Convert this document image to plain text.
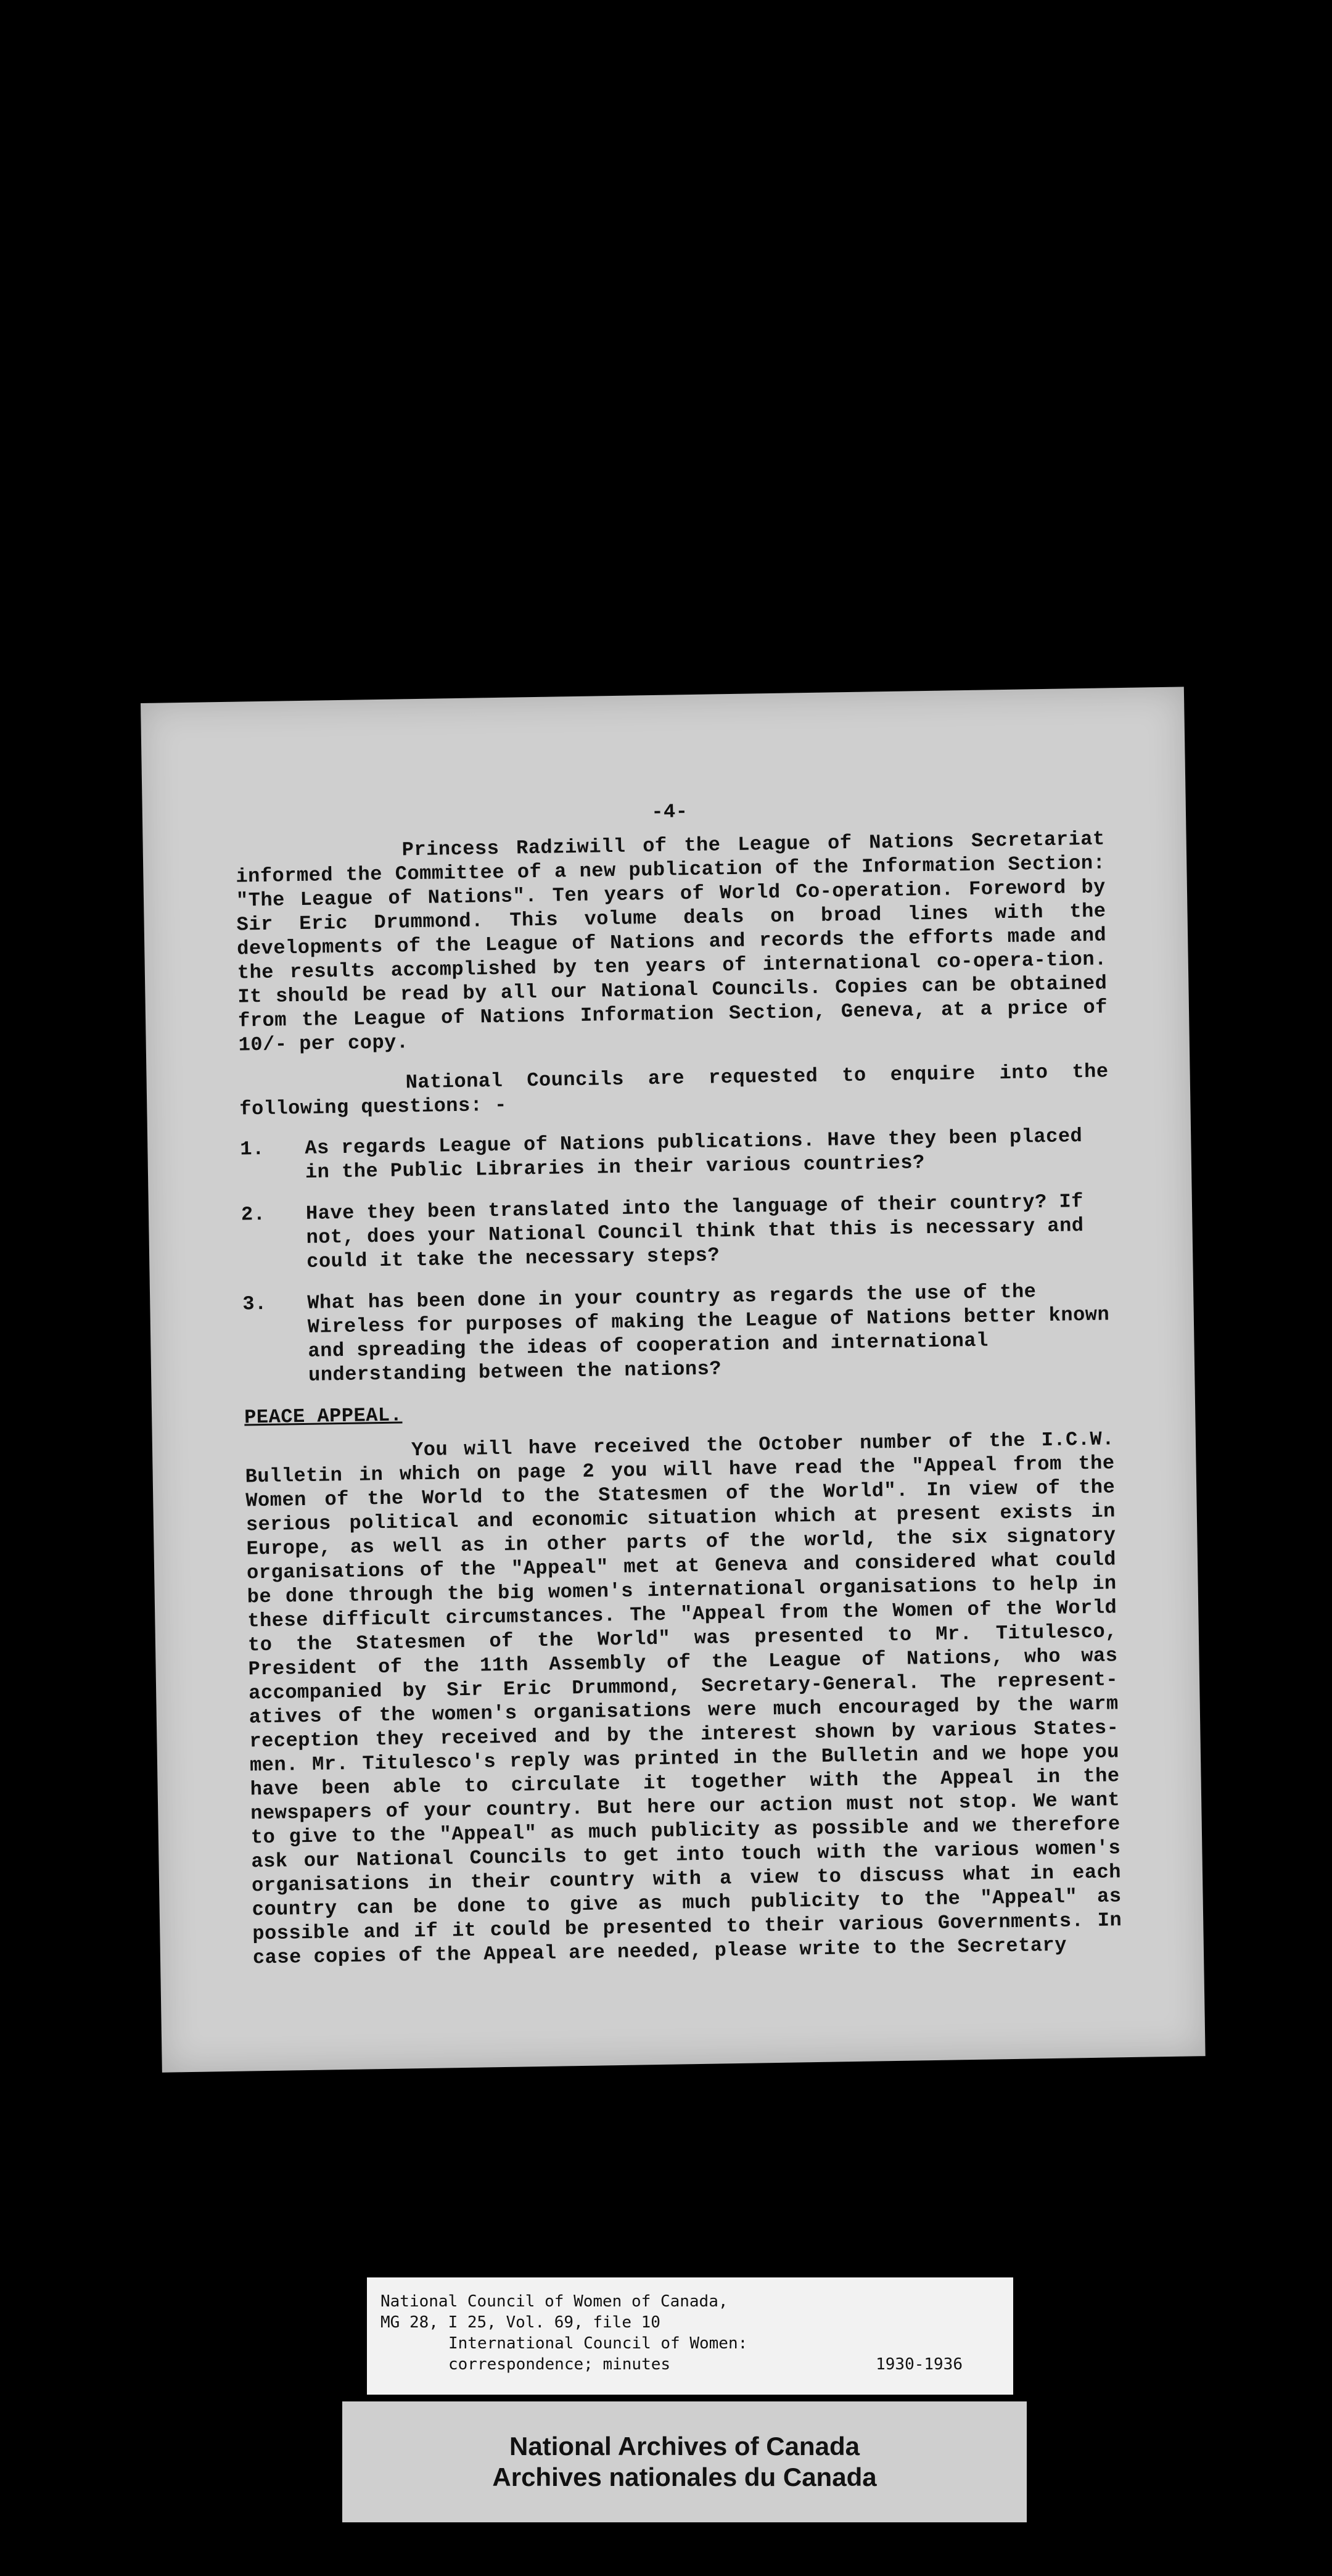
-4-

Princess Radziwill of the League of Nations Secretariat informed the Committee of a new publication of the Information Section: "The League of Nations". Ten years of World Co-operation. Foreword by Sir Eric Drummond. This volume deals on broad lines with the developments of the League of Nations and records the efforts made and the results accomplished by ten years of international co-opera-tion. It should be read by all our National Councils. Copies can be obtained from the League of Nations Information Section, Geneva, at a price of 10/- per copy.

National Councils are requested to enquire into the following questions: -

1.	As regards League of Nations publications. Have they been placed in the Public Libraries in their various countries?
2.	Have they been translated into the language of their country? If not, does your National Council think that this is necessary and could it take the necessary steps?
3.	What has been done in your country as regards the use of the Wireless for purposes of making the League of Nations better known and spreading the ideas of cooperation and international understanding between the nations?
PEACE APPEAL.

You will have received the October number of the I.C.W. Bulletin in which on page 2 you will have read the "Appeal from the Women of the World to the Statesmen of the World". In view of the serious political and economic situation which at present exists in Europe, as well as in other parts of the world, the six signatory organisations of the "Appeal" met at Geneva and considered what could be done through the big women's international organisations to help in these difficult circumstances. The "Appeal from the Women of the World to the Statesmen of the World" was presented to Mr. Titulesco, President of the 11th Assembly of the League of Nations, who was accompanied by Sir Eric Drummond, Secretary-General. The represent-atives of the women's organisations were much encouraged by the warm reception they received and by the interest shown by various States-men. Mr. Titulesco's reply was printed in the Bulletin and we hope you have been able to circulate it together with the Appeal in the newspapers of your country. But here our action must not stop. We want to give to the "Appeal" as much publicity as possible and we therefore ask our National Councils to get into touch with the various women's organisations in their country with a view to discuss what in each country can be done to give as much publicity to the "Appeal" as possible and if it could be presented to their various Governments. In case copies of the Appeal are needed, please write to the Secretary

National Council of Women of Canada,
MG 28, I 25, Vol. 69, file 10
International Council of Women:
correspondence; minutes	1930-1936
National Archives of Canada
Archives nationales du Canada
